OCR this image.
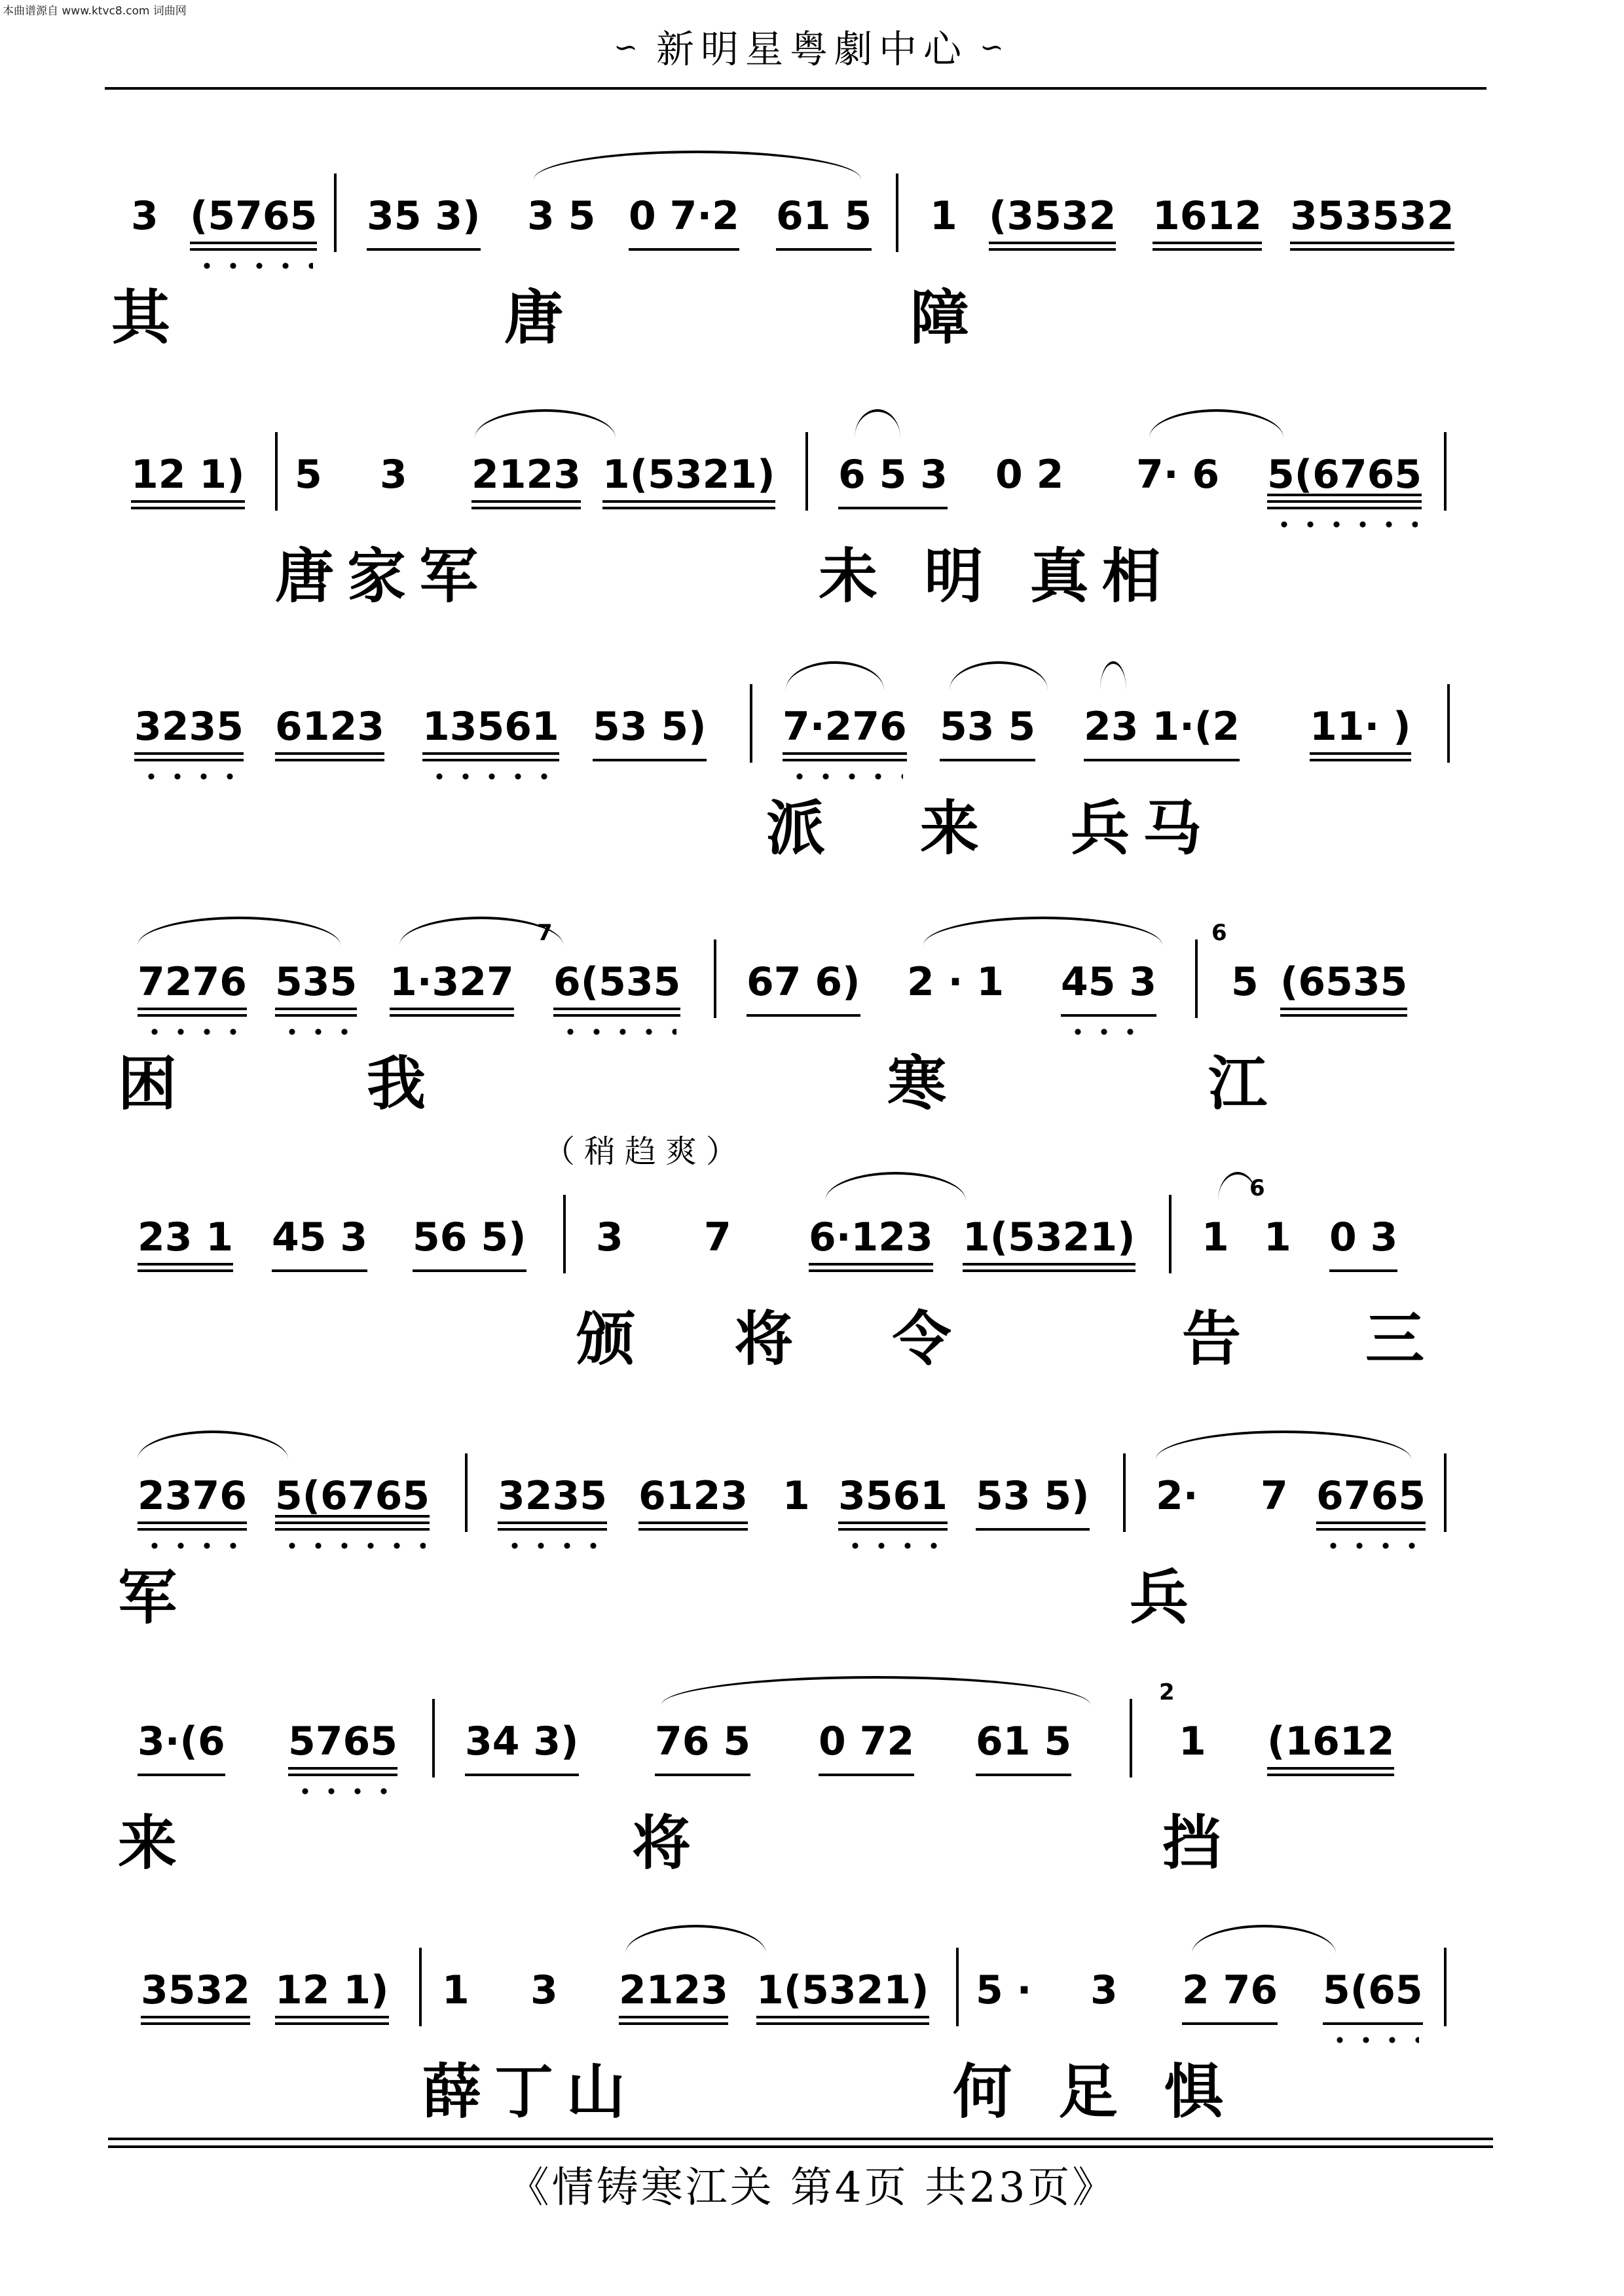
本曲谱源自 www.ktvc8.com 词曲网
∽ 新明星粤劇中心 ∽
3 (5765 35 3) 3 5 0 7·2 61 5 1 (3532 1612 353532
其	唐	障
12 1) 5 3 2123 1(5321) 6 5 3 0 2 7· 6 5(6765
唐家军	未 明 真相
3235 6123 13561 53 5) 7·276 53 5 23 1·(2 11· )
派 来 兵马
7	6
7276 535 1·327 6(535 67 6) 2 · 1 45 3 5 (6535
困	我	寒	江
（稍趋爽）
6
23 1 45 3 56 5) 3 7 6·123 1(5321) 1 1 0 3
颁 将 令	告 三
2376 5(6765 3235 6123 1 3561 53 5) 2· 7 6765
军	兵
2
3·(6 5765 34 3) 76 5 0 72 61 5	1 (1612
来	将	挡
3532 12 1) 1 3 2123 1(5321) 5 · 3 2 76 5(65
薛丁山	何 足 惧
《情铸寒江关 第4页 共23页》
